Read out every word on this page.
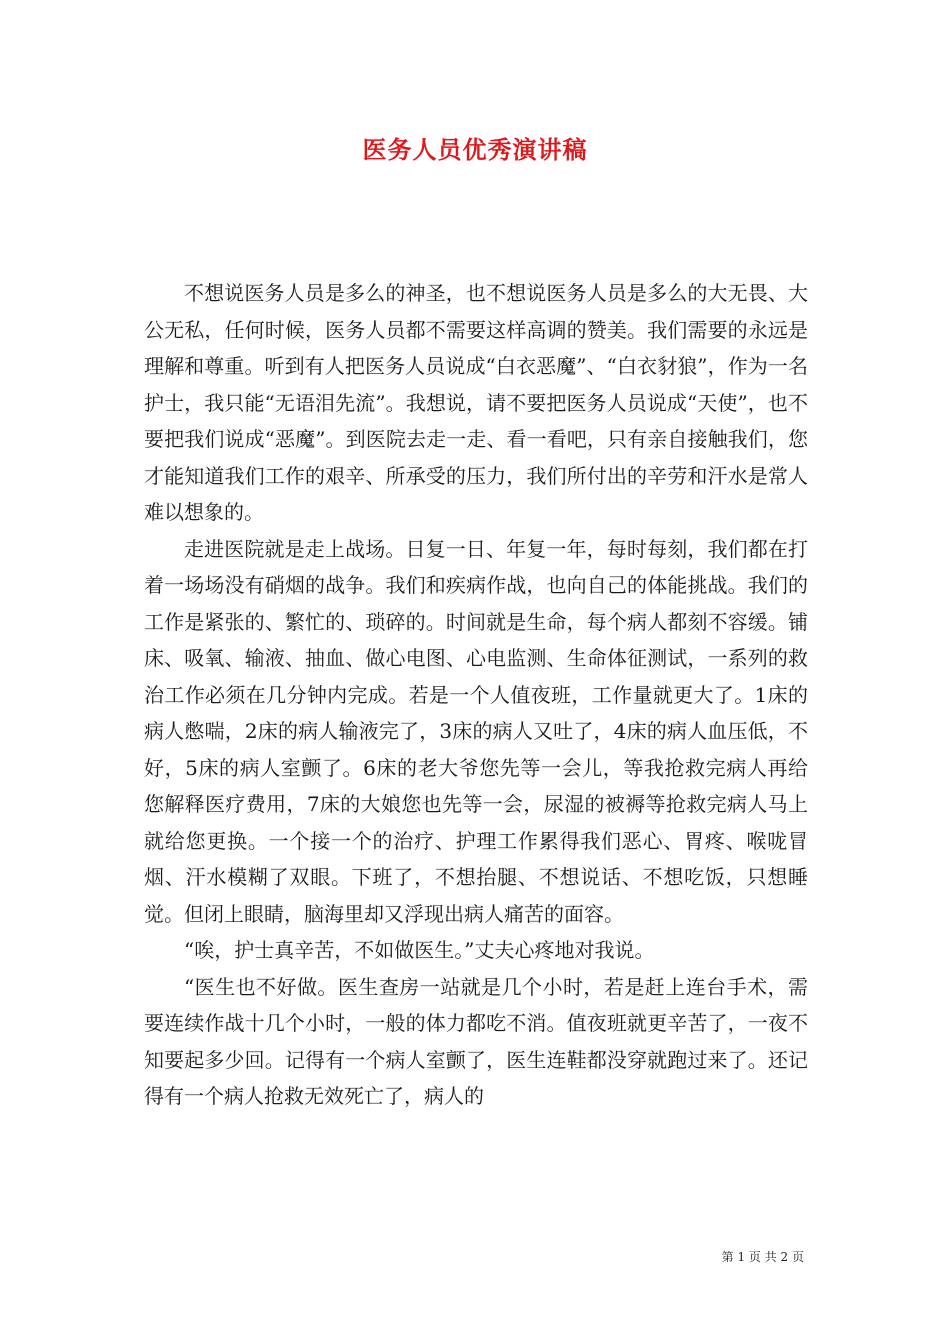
医务人员优秀演讲稿

不想说医务人员是多么的神圣，也不想说医务人员是多么的大无畏、大公无私，任何时候，医务人员都不需要这样高调的赞美。我们需要的永远是理解和尊重。听到有人把医务人员说成“白衣恶魔”、“白衣豺狼”，作为一名护士，我只能“无语泪先流”。我想说，请不要把医务人员说成“天使”，也不要把我们说成“恶魔”。到医院去走一走、看一看吧，只有亲自接触我们，您才能知道我们工作的艰辛、所承受的压力，我们所付出的辛劳和汗水是常人难以想象的。

走进医院就是走上战场。日复一日、年复一年，每时每刻，我们都在打着一场场没有硝烟的战争。我们和疾病作战，也向自己的体能挑战。我们的工作是紧张的、繁忙的、琐碎的。时间就是生命，每个病人都刻不容缓。铺床、吸氧、输液、抽血、做心电图、心电监测、生命体征测试，一系列的救治工作必须在几分钟内完成。若是一个人值夜班，工作量就更大了。1床的病人憋喘，2床的病人输液完了，3床的病人又吐了，4床的病人血压低，不好，5床的病人室颤了。6床的老大爷您先等一会儿，等我抢救完病人再给您解释医疗费用，7床的大娘您也先等一会，尿湿的被褥等抢救完病人马上就给您更换。一个接一个的治疗、护理工作累得我们恶心、胃疼、喉咙冒烟、汗水模糊了双眼。下班了，不想抬腿、不想说话、不想吃饭，只想睡觉。但闭上眼睛，脑海里却又浮现出病人痛苦的面容。

“唉，护士真辛苦，不如做医生。”丈夫心疼地对我说。

“医生也不好做。医生查房一站就是几个小时，若是赶上连台手术，需要连续作战十几个小时，一般的体力都吃不消。值夜班就更辛苦了，一夜不知要起多少回。记得有一个病人室颤了，医生连鞋都没穿就跑过来了。还记得有一个病人抢救无效死亡了，病人的

第 1 页 共 2 页
